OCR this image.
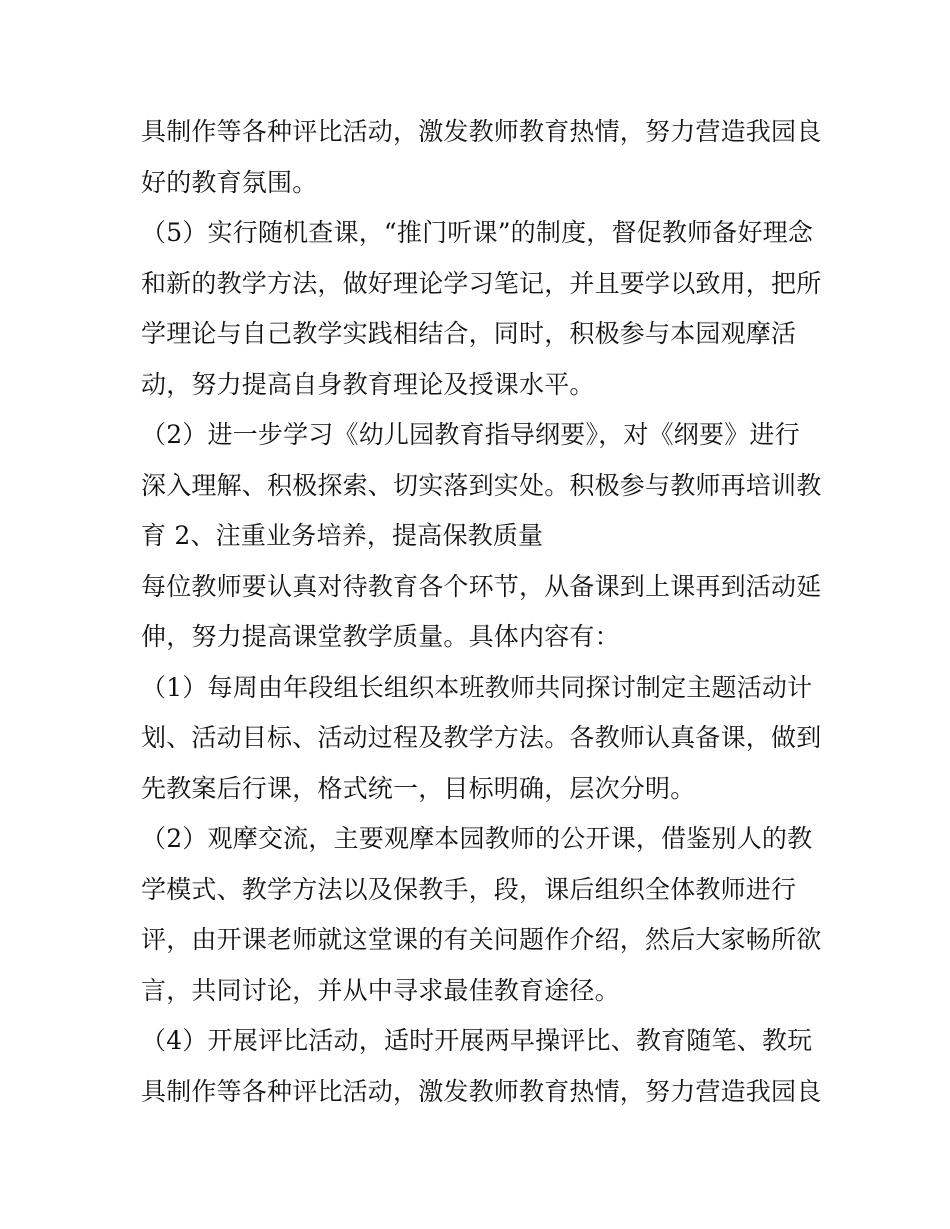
具制作等各种评比活动，激发教师教育热情，努力营造我园良
好的教育氛围。
（5）实行随机查课，“推门听课”的制度，督促教师备好理念
和新的教学方法，做好理论学习笔记，并且要学以致用，把所
学理论与自己教学实践相结合，同时，积极参与本园观摩活
动，努力提高自身教育理论及授课水平。
（2）进一步学习《幼儿园教育指导纲要》，对《纲要》进行
深入理解、积极探索、切实落到实处。积极参与教师再培训教
育 2、注重业务培养，提高保教质量
每位教师要认真对待教育各个环节，从备课到上课再到活动延
伸，努力提高课堂教学质量。具体内容有：
（1）每周由年段组长组织本班教师共同探讨制定主题活动计
划、活动目标、活动过程及教学方法。各教师认真备课，做到
先教案后行课，格式统一，目标明确，层次分明。
（2）观摩交流，主要观摩本园教师的公开课，借鉴别人的教
学模式、教学方法以及保教手，段，课后组织全体教师进行
评，由开课老师就这堂课的有关问题作介绍，然后大家畅所欲
言，共同讨论，并从中寻求最佳教育途径。
（4）开展评比活动，适时开展两早操评比、教育随笔、教玩
具制作等各种评比活动，激发教师教育热情，努力营造我园良
